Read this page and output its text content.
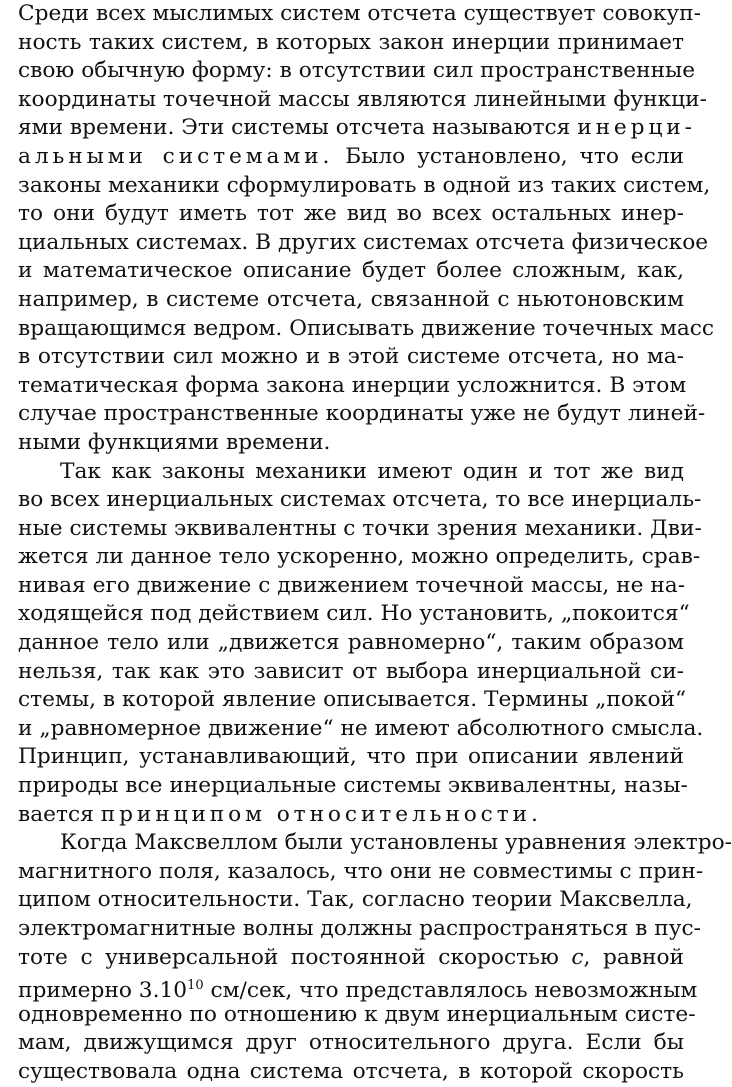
Среди всех мыслимых систем отсчета существует совокуп-
ность таких систем, в которых закон инерции принимает
свою обычную форму: в отсутствии сил пространственные
координаты точечной массы являются линейными функци-
ями времени. Эти системы отсчета называются инерци-
альными системами. Было установлено, что если
законы механики сформулировать в одной из таких систем,
то они будут иметь тот же вид во всех остальных инер-
циальных системах. В других системах отсчета физическое
и математическое описание будет более сложным, как,
например, в системе отсчета, связанной с ньютоновским
вращающимся ведром. Описывать движение точечных масс
в отсутствии сил можно и в этой системе отсчета, но ма-
тематическая форма закона инерции усложнится. В этом
случае пространственные координаты уже не будут линей-
ными функциями времени.
Так как законы механики имеют один и тот же вид
во всех инерциальных системах отсчета, то все инерциаль-
ные системы эквивалентны с точки зрения механики. Дви-
жется ли данное тело ускоренно, можно определить, срав-
нивая его движение с движением точечной массы, не на-
ходящейся под действием сил. Но установить, „покоится“
данное тело или „движется равномерно“, таким образом
нельзя, так как это зависит от выбора инерциальной си-
стемы, в которой явление описывается. Термины „покой“
и „равномерное движение“ не имеют абсолютного смысла.
Принцип, устанавливающий, что при описании явлений
природы все инерциальные системы эквивалентны, назы-
вается принципом относительности.
Когда Максвеллом были установлены уравнения электро-
магнитного поля, казалось, что они не совместимы с прин-
ципом относительности. Так, согласно теории Максвелла,
электромагнитные волны должны распространяться в пус-
тоте с универсальной постоянной скоростью c, равной
примерно 3.10$^{10}$ см/сек, что представлялось невозможным
одновременно по отношению к двум инерциальным систе-
мам, движущимся друг относительного друга. Если бы
существовала одна система отсчета, в которой скорость
